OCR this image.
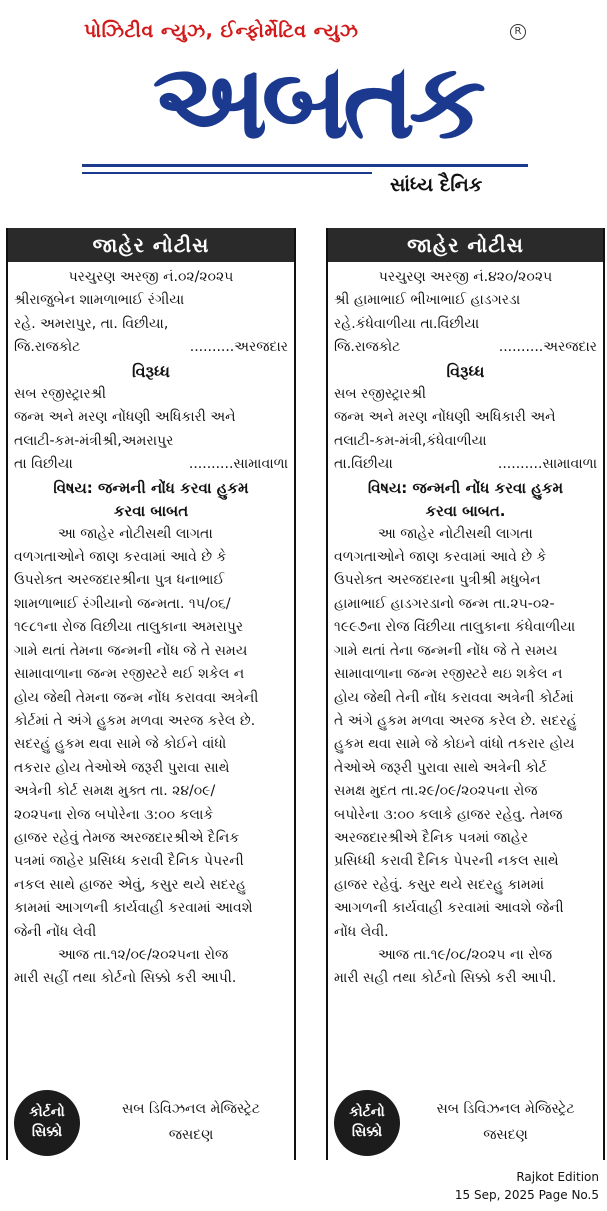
પોઝિટીવ ન્યુઝ, ઈન્ફોર્મેટિવ ન્યુઝ	R
અબતક
સાંધ્ય દૈનિક
જાહેર નોટીસ
પરચુરણ અરજી નં.૦૨/૨૦૨૫
શ્રીરાજુબેન શામળાભાઈ રંગીયા
રહે. અમરાપુર, તા. વિછીયા,
જિ.રાજકોટ	..........અરજદાર
વિરૂધ્ધ
સબ રજીસ્ટ્રારશ્રી
જન્મ અને મરણ નોંધણી અધિકારી અને
તલાટી-કમ-મંત્રીશ્રી,અમરાપુર
તા વિછીયા	..........સામાવાળા
વિષય: જન્મની નોંધ કરવા હુકમ
કરવા બાબત
આ જાહેર નોટીસથી લાગતા
વળગતાઓને જાણ કરવામાં આવે છે કે
ઉપરોક્ત અરજદારશ્રીના પુત્ર ધનાભાઈ
શામળાભાઈ રંગીયાનો જન્મતા. ૧૫/૦૬/
૧૯૮૧ના રોજ વિછીયા તાલુકાના અમરાપુર
ગામે થતાં તેમના જન્મની નોંધ જે તે સમય
સામાવાળાના જન્મ રજીસ્ટરે થઈ શકેલ ન
હોય જેથી તેમના જન્મ નોંધ કરાવવા અત્રેની
કોર્ટમાં તે અંગે હુકમ મળવા અરજ કરેલ છે.
સદરહું હુકમ થવા સામે જે કોઈને વાંધો
તકરાર હોય તેઓએ જરૂરી પુરાવા સાથે
અત્રેની કોર્ટ સમક્ષ મુક્ત તા. ૨૪/૦૯/
૨૦૨૫ના રોજ બપોરેના ૩:૦૦ કલાકે
હાજર રહેવું તેમજ અરજદારશ્રીએ દૈનિક
પત્રમાં જાહેર પ્રસિધ્ધ કરાવી દૈનિક પેપરની
નકલ સાથે હાજર એવું, કસુર થયે સદરહુ
કામમાં આગળની કાર્યવાહી કરવામાં આવશે
જેની નોંધ લેવી
આજ તા.૧૨/૦૯/૨૦૨૫ના રોજ
મારી સહીં તથા કોર્ટનો સિક્કો કરી આપી.
કોર્ટનો
સિક્કો
સબ ડિવિઝનલ મેજિસ્ટ્રેટ
જસદણ
જાહેર નોટીસ
પરચુરણ અરજી નં.૪૨૦/૨૦૨૫
શ્રી હામાભાઈ ભીખાભાઈ હાડગરડા
રહે.કંધેવાળીયા તા.વિંછીયા
જિ.રાજકોટ	..........અરજદાર
વિરૂધ્ધ
સબ રજીસ્ટ્રારશ્રી
જન્મ અને મરણ નોંધણી અધિકારી અને
તલાટી-કમ-મંત્રી,કંધેવાળીયા
તા.વિંછીયા	..........સામાવાળા
વિષય: જન્મની નોંધ કરવા હુકમ
કરવા બાબત.
આ જાહેર નોટીસથી લાગતા
વળગતાઓને જાણ કરવામાં આવે છે કે
ઉપરોક્ત અરજદારના પુત્રીશ્રી મધુબેન
હામાભાઈ હાડગરડાનો જન્મ તા.૨૫-૦૨-
૧૯૯૭ના રોજ વિંછીયા તાલુકાના કંધેવાળીયા
ગામે થતાં તેના જન્મની નોંધ જે તે સમય
સામાવાળાના જન્મ રજીસ્ટરે થઇ શકેલ ન
હોય જેથી તેની નોંધ કરાવવા અત્રેની કોર્ટમાં
તે અંગે હુકમ મળવા અરજ કરેલ છે. સદરહું
હુકમ થવા સામે જે કોઇને વાંધો તકરાર હોય
તેઓએ જરૂરી પુરાવા સાથે અત્રેની કોર્ટ
સમક્ષ મુદત તા.૨૯/૦૯/૨૦૨૫ના રોજ
બપોરેના ૩:૦૦ કલાકે હાજર રહેવુ. તેમજ
અરજદારશ્રીએ દૈનિક પત્રમાં જાહેર
પ્રસિધ્ધી કરાવી દૈનિક પેપરની નકલ સાથે
હાજર રહેવું. કસુર થયે સદરહુ કામમાં
આગળની કાર્યવાહી કરવામાં આવશે જેની
નોંધ લેવી.
આજ તા.૧૯/૦૮/૨૦૨૫ ના રોજ
મારી સહી તથા કોર્ટનો સિક્કો કરી આપી.
કોર્ટનો
સિક્કો
સબ ડિવિઝનલ મેજિસ્ટ્રેટ
જસદણ
Rajkot Edition
15 Sep, 2025 Page No.5
